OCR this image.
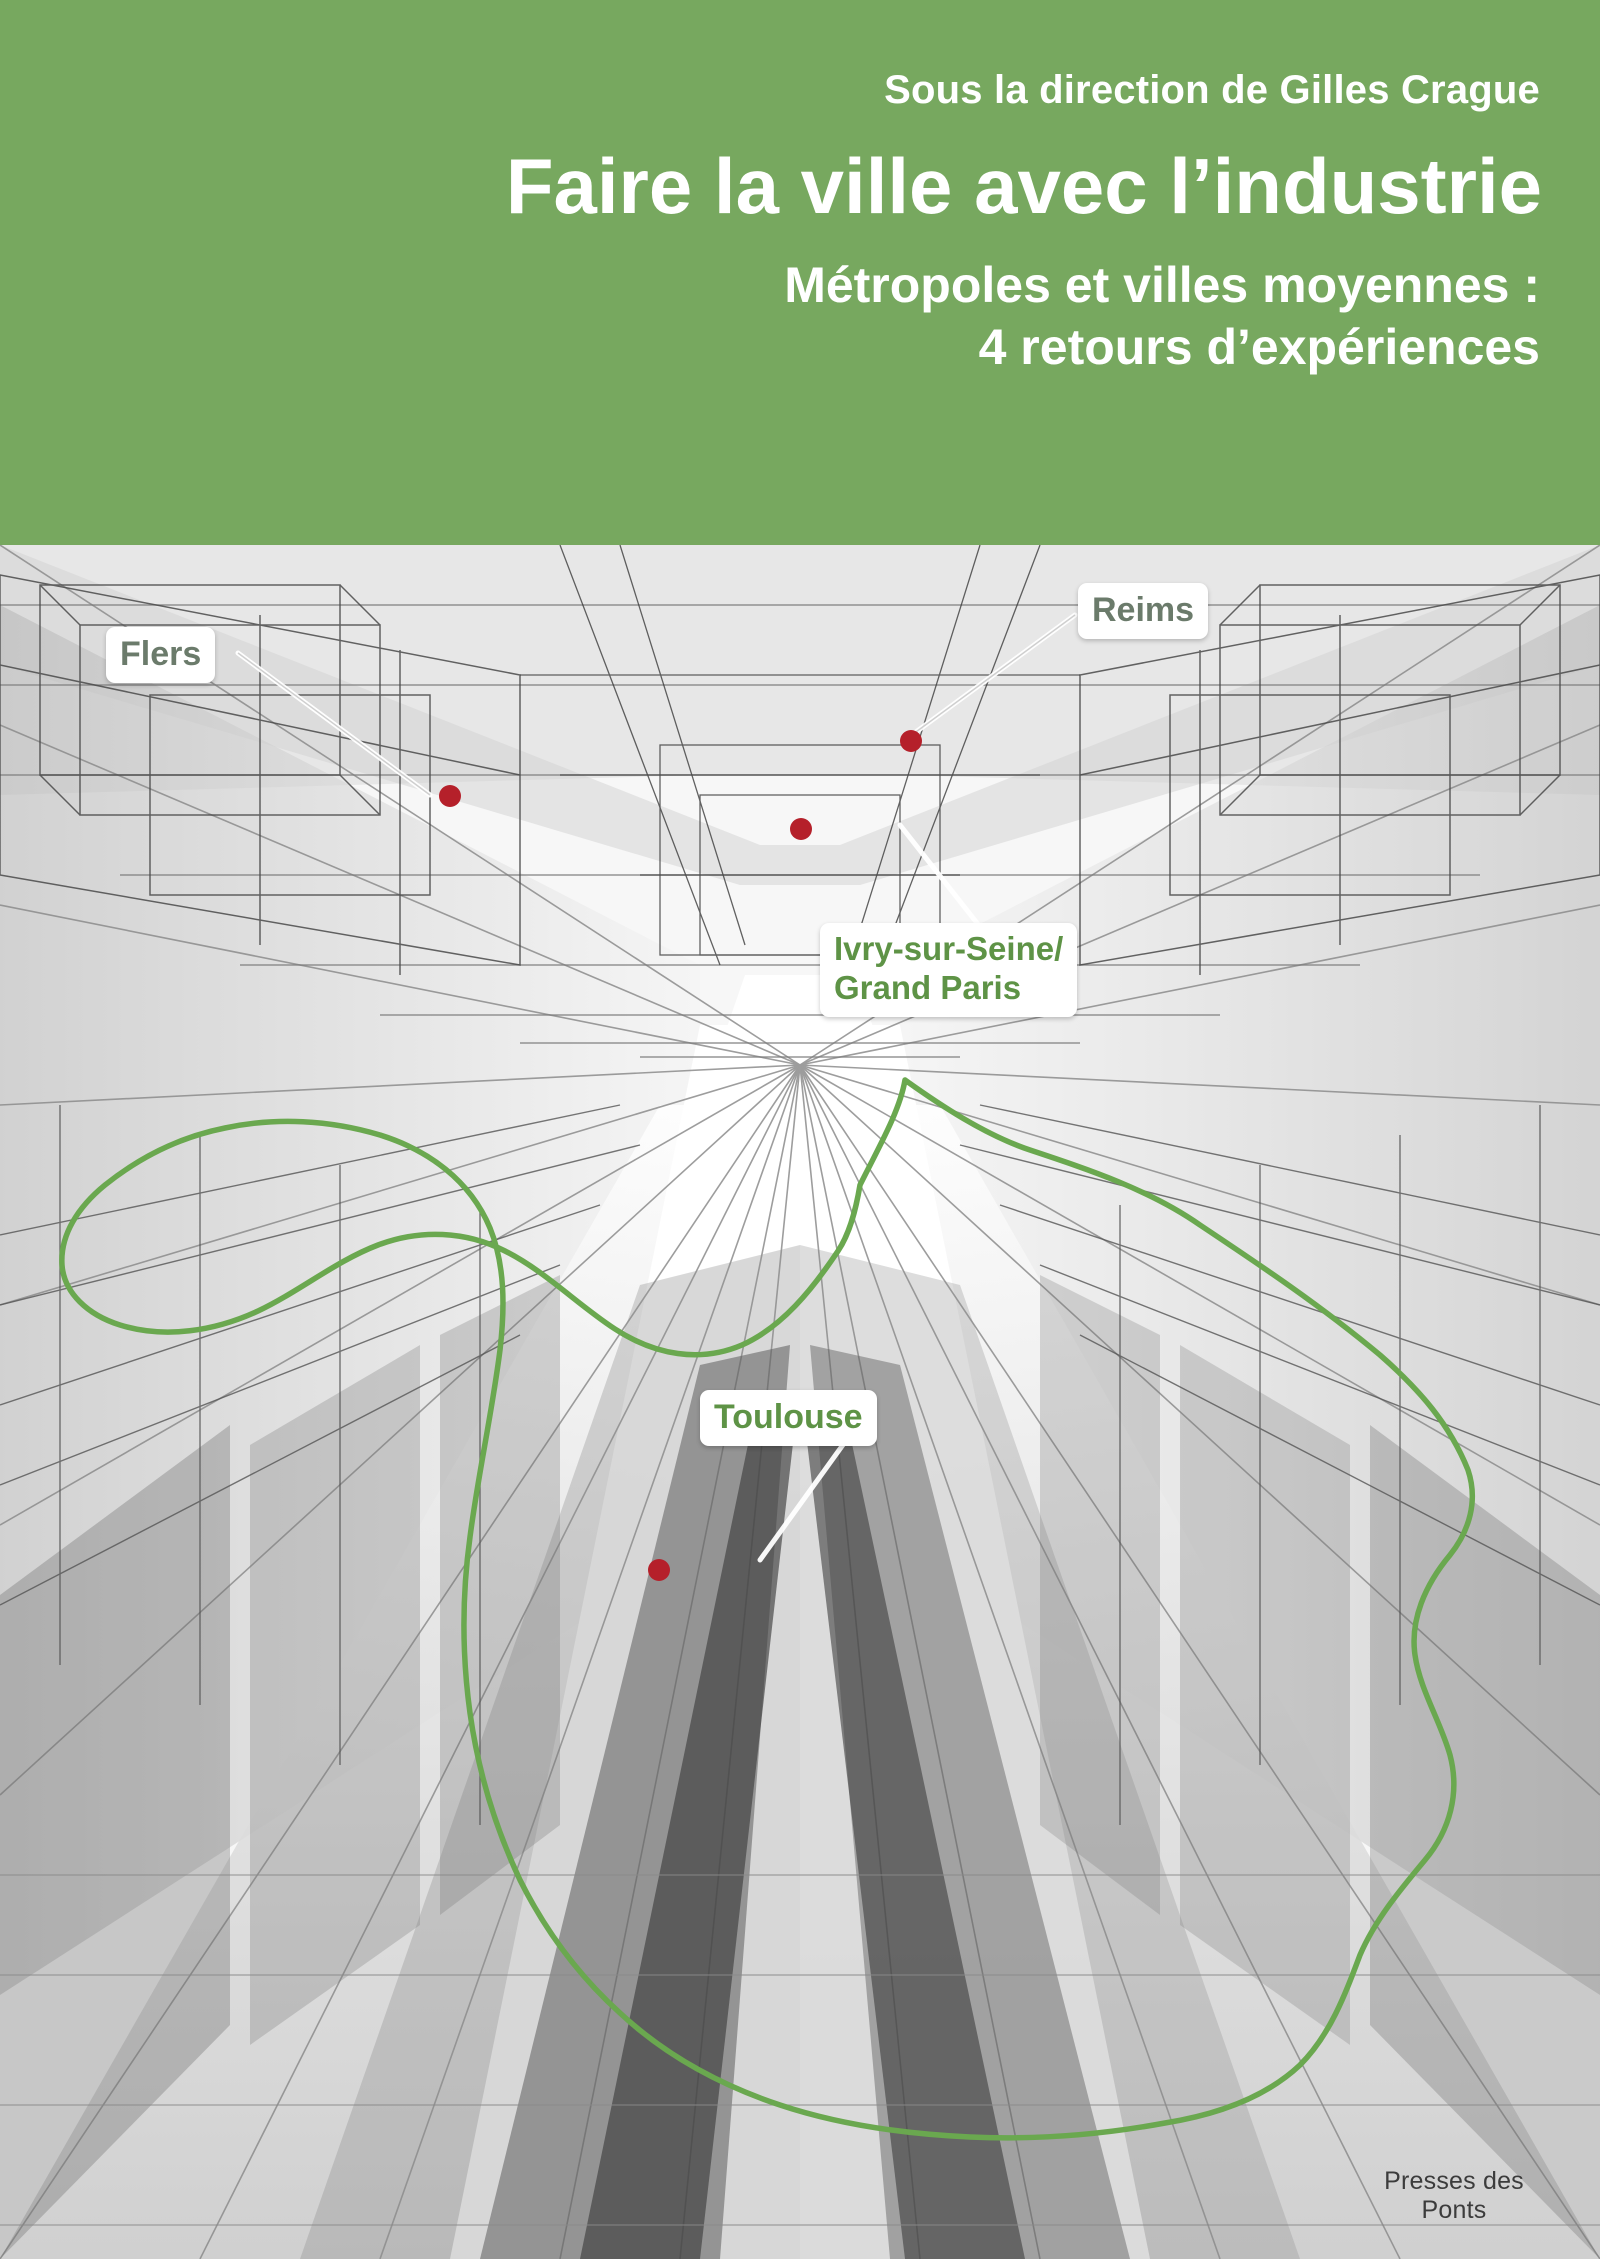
Sous la direction de Gilles Crague
Faire la ville avec l’industrie
Métropoles et villes moyennes :
4 retours d’expériences
Flers
Reims
Ivry-sur-Seine/
Grand Paris
Toulouse
Presses des Ponts
